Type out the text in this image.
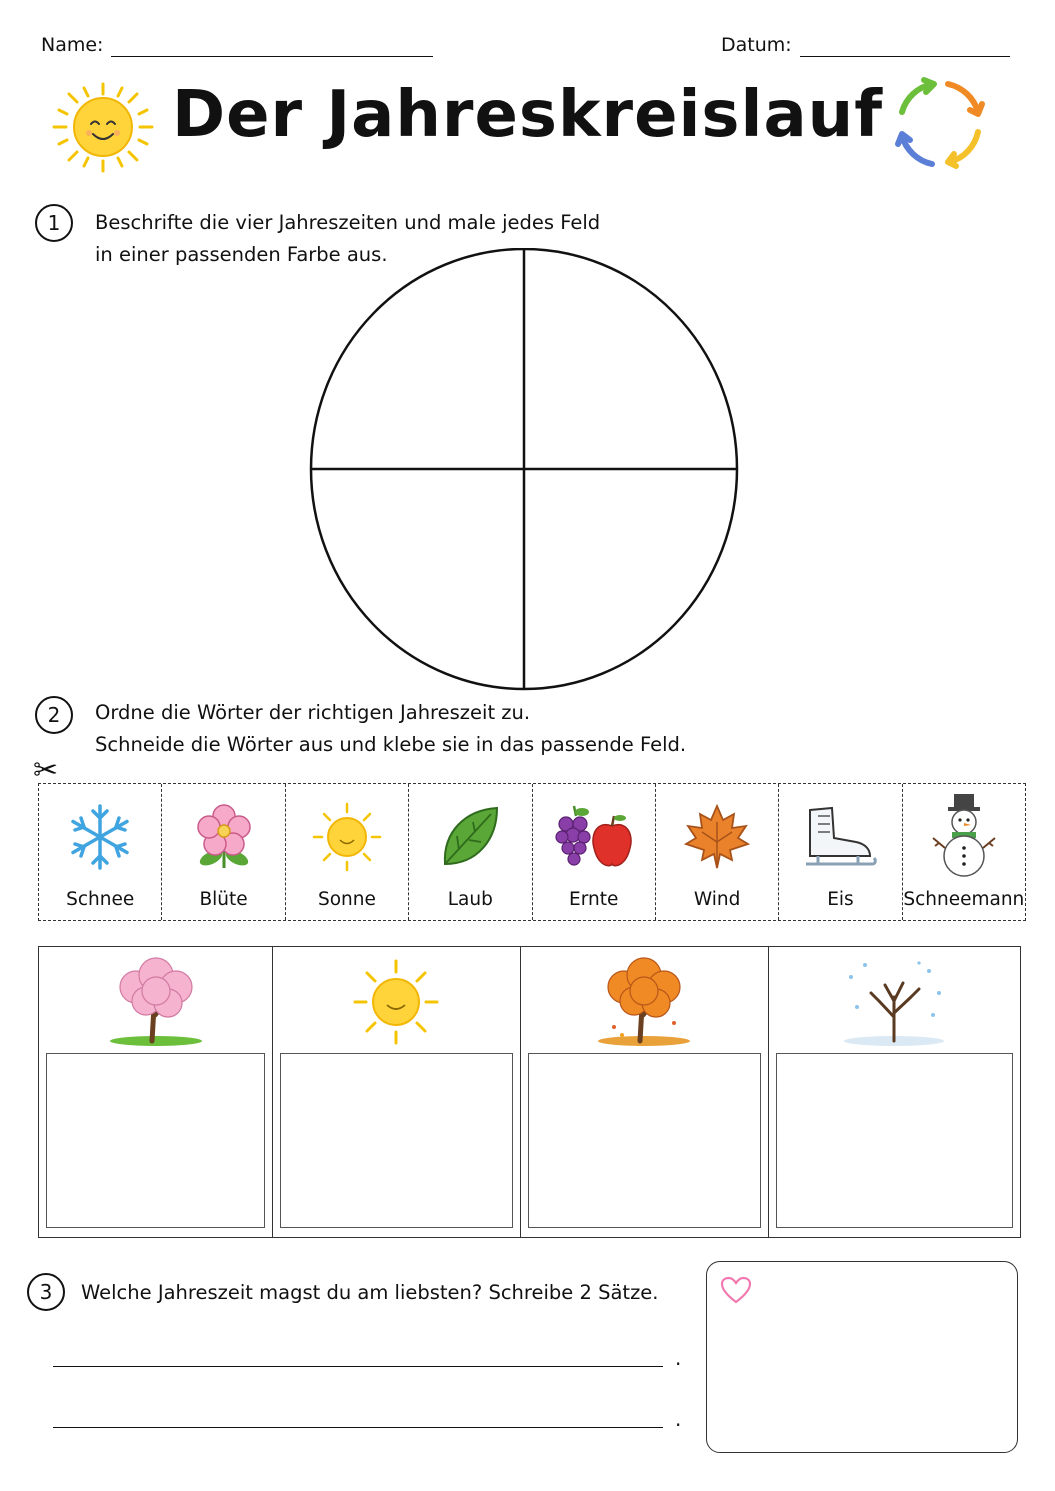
Name:	Datum:
Der Jahreskreislauf
1	Beschrifte die vier Jahreszeiten und male jedes Feld
in einer passenden Farbe aus.
2	Ordne die Wörter der richtigen Jahreszeit zu.
Schneide die Wörter aus und klebe sie in das passende Feld.
✂
Schnee	Blüte	Sonne	Laub	Ernte	Wind	Eis	Schneemann
3	Welche Jahreszeit magst du am liebsten? Schreibe 2 Sätze.
.
.
